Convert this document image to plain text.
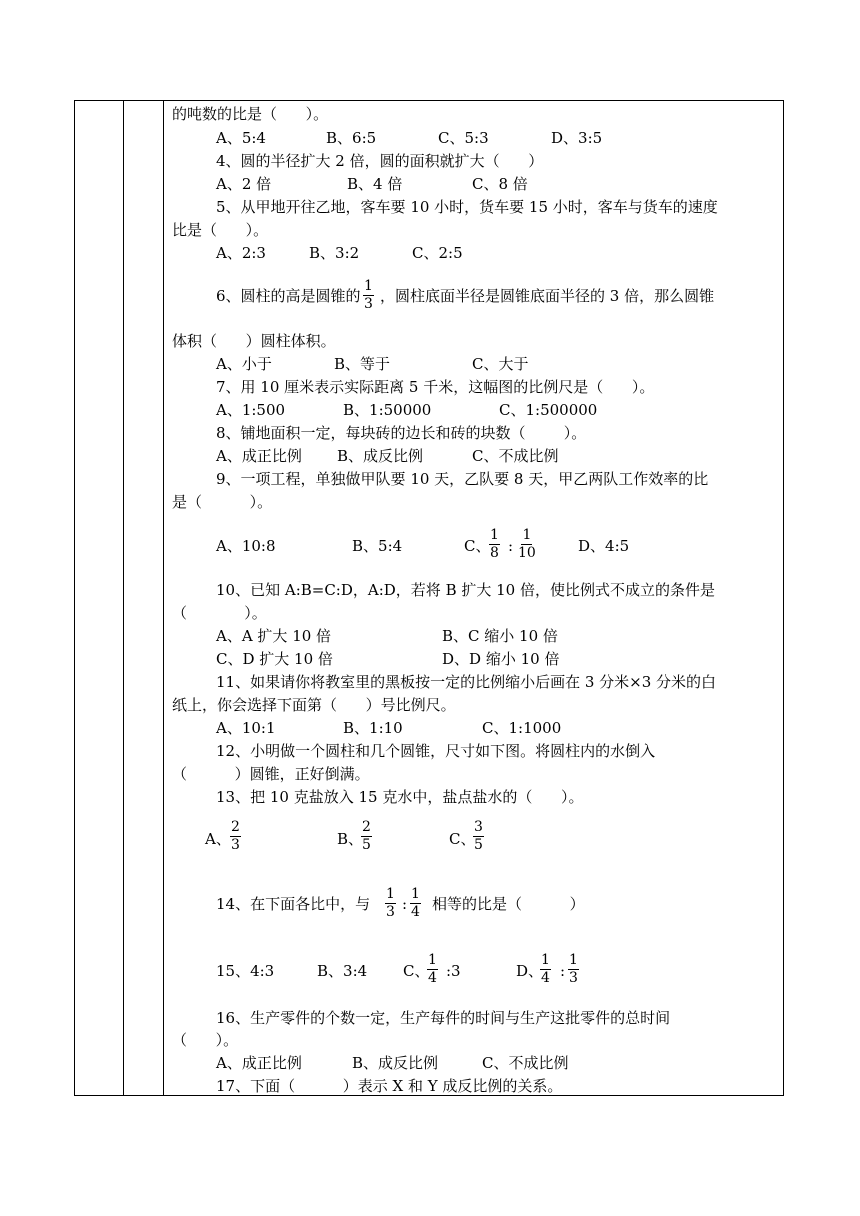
的吨数的比是（      ）。
A、5:4	B、6:5	C、5:3	D、3:5
4、圆的半径扩大 2 倍，圆的面积就扩大（      ）
A、2 倍	B、4 倍	C、8 倍
5、从甲地开往乙地，客车要 10 小时，货车要 15 小时，客车与货车的速度
比是（      ）。
A、2:3	B、3:2	C、2:5
6、圆柱的高是圆锥的 $\frac{1}{3}$ ，圆柱底面半径是圆锥底面半径的 3 倍，那么圆锥
体积（      ）圆柱体积。
A、小于	B、等于	C、大于
7、用 10 厘米表示实际距离 5 千米，这幅图的比例尺是（      ）。
A、1:500	B、1:50000	C、1:500000
8、铺地面积一定，每块砖的边长和砖的块数（        ）。
A、成正比例 B、成反比例	C、不成比例
9、一项工程，单独做甲队要 10 天，乙队要 8 天，甲乙两队工作效率的比
是（          ）。
A、10:8	B、5:4	C、
$\frac{1}{8}$ : $\frac{1}{10}$	D、4:5
10、已知 A:B=C:D，A:D，若将 B 扩大 10 倍，使比例式不成立的条件是
（            ）。
A、A 扩大 10 倍	B、C 缩小 10 倍
C、D 扩大 10 倍	D、D 缩小 10 倍
11、如果请你将教室里的黑板按一定的比例缩小后画在 3 分米×3 分米的白
纸上，你会选择下面第（      ）号比例尺。
A、10:1	B、1:10	C、1:1000
12、小明做一个圆柱和几个圆锥，尺寸如下图。将圆柱内的水倒入
（          ）圆锥，正好倒满。
13、把 10 克盐放入 15 克水中，盐点盐水的（      ）。
A、 $\frac{2}{3}$	B、
$\frac{2}{5}$	C、
$\frac{3}{5}$
14、在下面各比中，与 $\frac{1}{3}$ : $\frac{1}{4}$ 相等的比是（          ）
15、4:3	B、3:4 C、
$\frac{1}{4}$ :3	D、
$\frac{1}{4}$ : $\frac{1}{3}$
16、生产零件的个数一定，生产每件的时间与生产这批零件的总时间
（      ）。
A、成正比例	B、成反比例	C、不成比例
17、下面（          ）表示 X 和 Y 成反比例的关系。
